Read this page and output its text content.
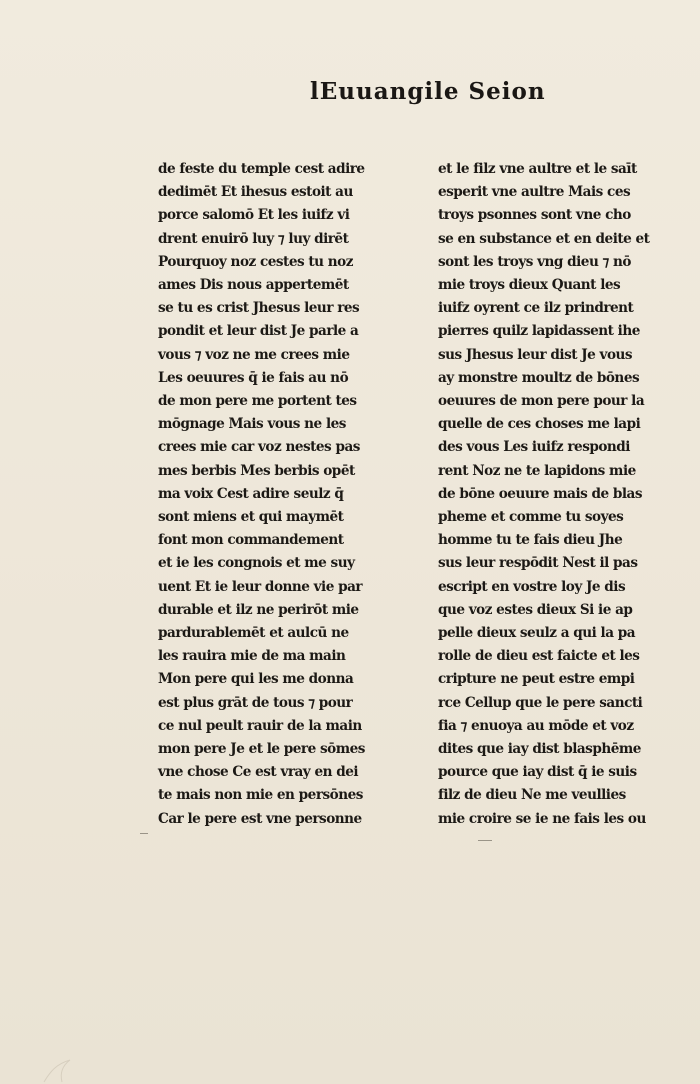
lEuuangile Seion
de feste du temple cest adire
dedimēt Et ihesus estoit au
porce salomō Et les iuifz vi
drent enuirō luy ⁊ luy dirēt
Pourquoy noz cestes tu noz
ames Dis nous appertemēt
se tu es crist Jhesus leur res
pondit et leur dist Je parle a
vous ⁊ voz ne me crees mie
Les oeuures q̄ ie fais au nō
de mon pere me portent tes
mōgnage Mais vous ne les
crees mie car voz nestes pas
mes berbis Mes berbis opēt
ma voix Cest adire seulz q̄
sont miens et qui maymēt
font mon commandement
et ie les congnois et me suy
uent Et ie leur donne vie par
durable et ilz ne perirōt mie
pardurablemēt et aulcū ne
les rauira mie de ma main
Mon pere qui les me donna
est plus grāt de tous ⁊ pour
ce nul peult rauir de la main
mon pere Je et le pere sōmes
vne chose Ce est vray en dei
te mais non mie en persōnes
Car le pere est vne personne
et le filz vne aultre et le saīt
esperit vne aultre Mais ces
troys psonnes sont vne cho
se en substance et en deite et
sont les troys vng dieu ⁊ nō
mie troys dieux Quant les
iuifz oyrent ce ilz prindrent
pierres quilz lapidassent ihe
sus Jhesus leur dist Je vous
ay monstre moultz de bōnes
oeuures de mon pere pour la
quelle de ces choses me lapi
des vous Les iuifz respondi
rent Noz ne te lapidons mie
de bōne oeuure mais de blas
pheme et comme tu soyes
homme tu te fais dieu Jhe
sus leur respōdit Nest il pas
escript en vostre loy Je dis
que voz estes dieux Si ie ap
pelle dieux seulz a qui la pa
rolle de dieu est faicte et les
cripture ne peut estre empi
rce Cellup que le pere sancti
fia ⁊ enuoya au mōde et voz
dites que iay dist blasphēme
pource que iay dist q̄ ie suis
filz de dieu Ne me veullies
mie croire se ie ne fais les ou
